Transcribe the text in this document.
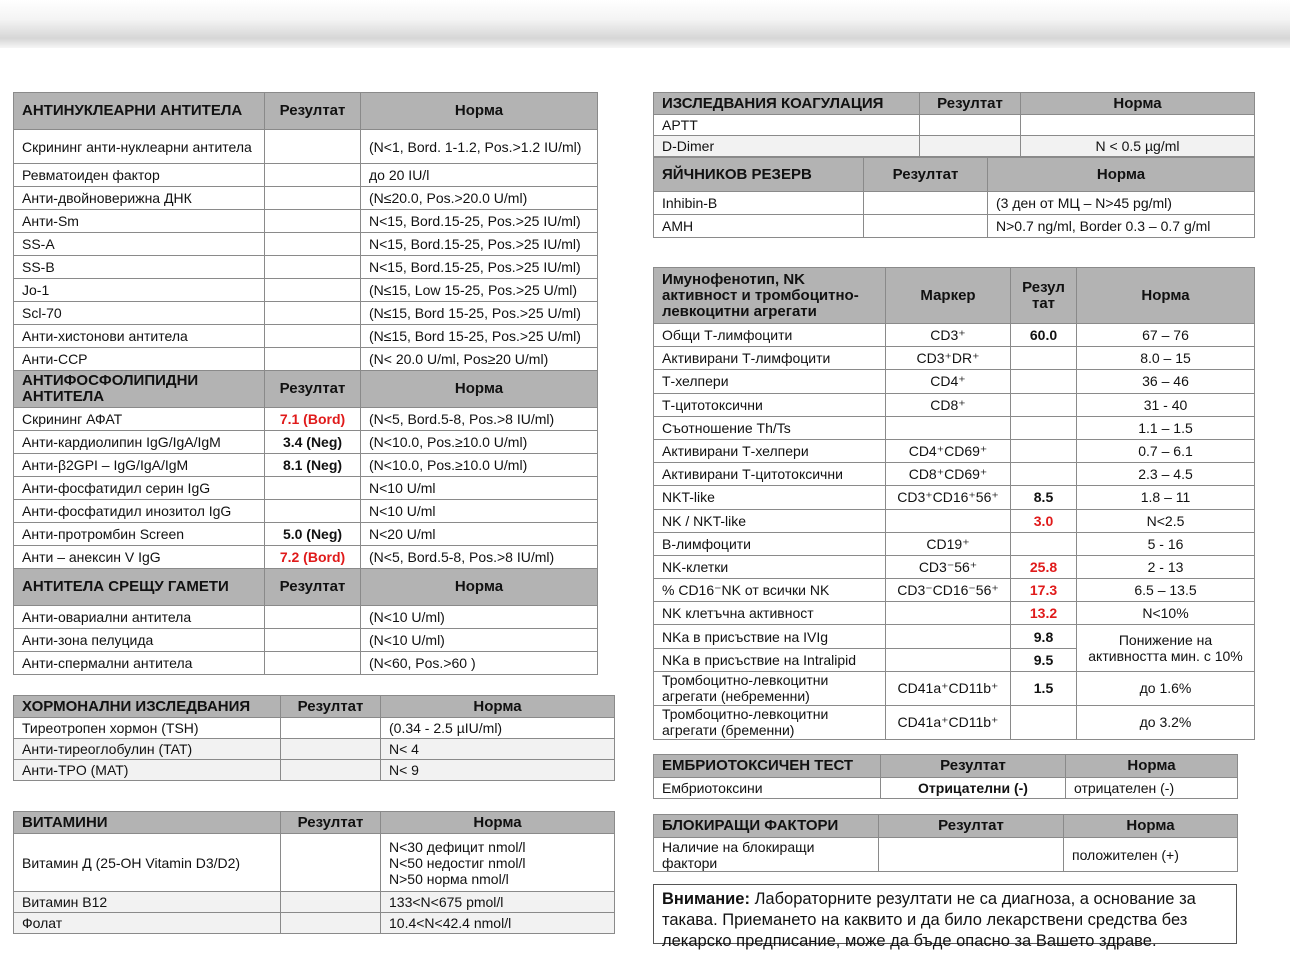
АНТИНУКЛЕАРНИ АНТИТЕЛА	Резултат	Норма
Скрининг анти-нуклеарни антитела		(N<1, Bord. 1-1.2, Pos.>1.2 IU/ml)
Ревматоиден фактор		до 20 IU/l
Анти-двойноверижна ДНК		(N≤20.0, Pos.>20.0 U/ml)
Анти-Sm		N<15, Bord.15-25, Pos.>25 IU/ml)
SS-A		N<15, Bord.15-25, Pos.>25 IU/ml)
SS-B		N<15, Bord.15-25, Pos.>25 IU/ml)
Jo-1		(N≤15, Low 15-25, Pos.>25 U/ml)
Scl-70		(N≤15, Bord 15-25, Pos.>25 U/ml)
Анти-хистонови антитела		(N≤15, Bord 15-25, Pos.>25 U/ml)
Анти-CCP		(N< 20.0 U/ml, Pos≥20 U/ml)
АНТИФОСФОЛИПИДНИ АНТИТЕЛА	Резултат	Норма
Скрининг АФАТ	7.1 (Bord)	(N<5, Bord.5-8, Pos.>8 IU/ml)
Анти-кардиолипин IgG/IgA/IgM	3.4 (Neg)	(N<10.0, Pos.≥10.0 U/ml)
Анти-β2GPI – IgG/IgA/IgM	8.1 (Neg)	(N<10.0, Pos.≥10.0 U/ml)
Анти-фосфатидил серин IgG		N<10 U/ml
Анти-фосфатидил инозитол IgG		N<10 U/ml
Анти-протромбин Screen	5.0 (Neg)	N<20 U/ml
Анти – анексин V IgG	7.2 (Bord)	(N<5, Bord.5-8, Pos.>8 IU/ml)
АНТИТЕЛА СРЕЩУ ГАМЕТИ	Резултат	Норма
Анти-овариални антитела		(N<10 U/ml)
Анти-зона пелуцида		(N<10 U/ml)
Анти-спермални антитела		(N<60, Pos.>60 )
ХОРМОНАЛНИ ИЗСЛЕДВАНИЯ	Резултат	Норма
Тиреотропен хормон (TSH)		(0.34 - 2.5 µIU/ml)
Анти-тиреоглобулин (TAT)		N< 4
Анти-TPO (MAT)		N< 9
ВИТАМИНИ	Резултат	Норма
Витамин Д (25-OH Vitamin D3/D2)		N<30 дефицит nmol/l
N<50 недостиг nmol/l
N>50 норма nmol/l
Витамин B12		133<N<675 pmol/l
Фолат		10.4<N<42.4 nmol/l
ИЗСЛЕДВАНИЯ КОАГУЛАЦИЯ	Резултат	Норма
APTT		
D-Dimer		N < 0.5 µg/ml
ЯЙЧНИКОВ РЕЗЕРВ	Резултат	Норма
Inhibin-B		(3 ден от МЦ – N>45 pg/ml)
AMH		N>0.7 ng/ml, Border 0.3 – 0.7 g/ml
Имунофенотип, NK активност и тромбоцитно-левкоцитни агрегати	Маркер	Резул тат	Норма
Общи Т-лимфоцити	CD3⁺	60.0	67 – 76
Активирани Т-лимфоцити	CD3⁺DR⁺		8.0 – 15
Т-хелпери	CD4⁺		36 – 46
Т-цитотоксични	CD8⁺		31 - 40
Съотношение Th/Ts			1.1 – 1.5
Активирани Т-хелпери	CD4⁺CD69⁺		0.7 – 6.1
Активирани Т-цитотоксични	CD8⁺CD69⁺		2.3 – 4.5
NKT-like	CD3⁺CD16⁺56⁺	8.5	1.8 – 11
NK / NKT-like		3.0	N<2.5
B-лимфоцити	CD19⁺		5 - 16
NK-клетки	CD3⁻56⁺	25.8	2 - 13
% CD16⁻NK от всички NK	CD3⁻CD16⁻56⁺	17.3	6.5 – 13.5
NK клетъчна активност		13.2	N<10%
NKa в присъствие на IVIg		9.8	Понижение на активността мин. с 10%
NKa в присъствие на Intralipid		9.5	
Тромбоцитно-левкоцитни агрегати (небременни)	CD41a⁺CD11b⁺	1.5	до 1.6%
Тромбоцитно-левкоцитни агрегати (бременни)	CD41a⁺CD11b⁺		до 3.2%
ЕМБРИОТОКСИЧЕН ТЕСТ	Резултат	Норма
Ембриотоксини	Отрицателни (-)	отрицателен (-)
БЛОКИРАЩИ ФАКТОРИ	Резултат	Норма
Наличие на блокиращи фактори		положителен (+)
Внимание: Лабораторните резултати не са диагноза, а основание за такава. Приемането на каквито и да било лекарствени средства без лекарско предписание, може да бъде опасно за Вашето здраве.
